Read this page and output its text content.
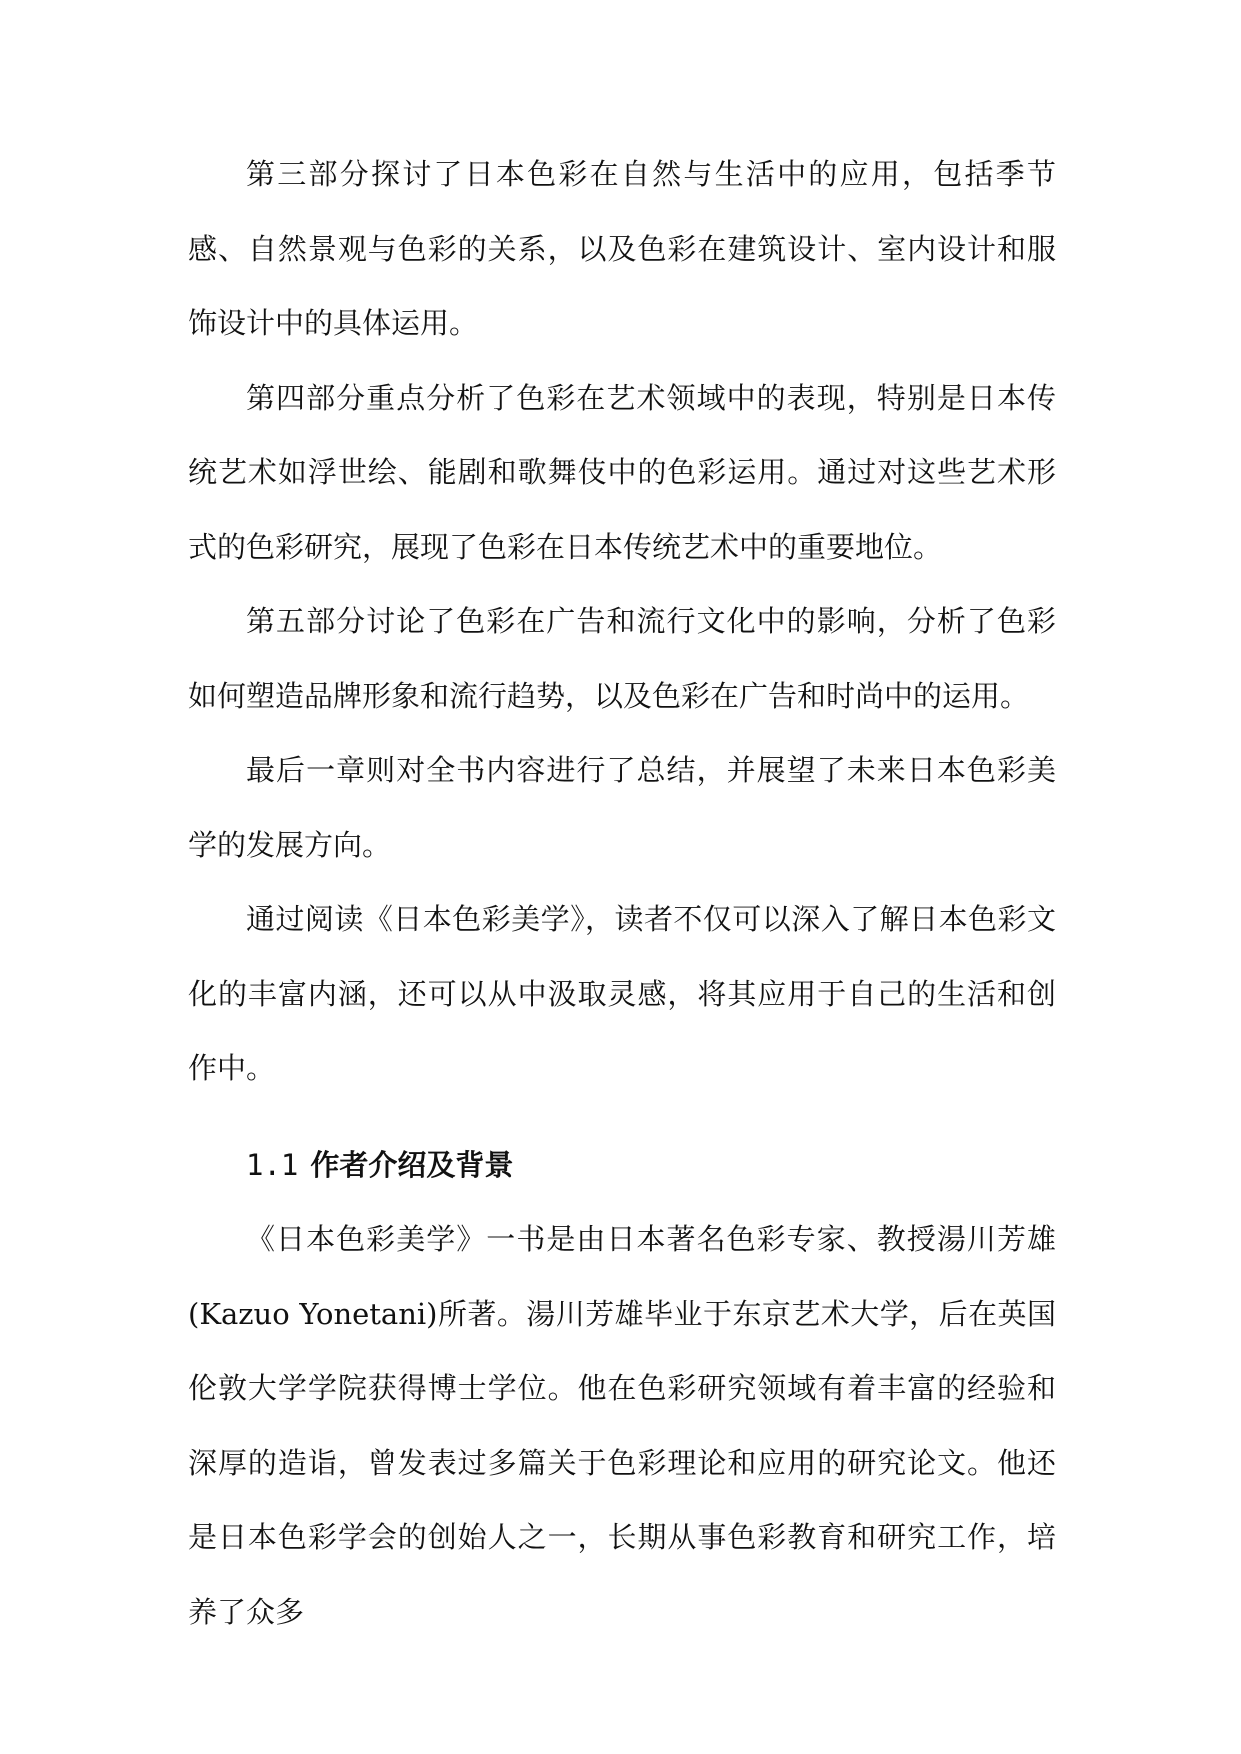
第三部分探讨了日本色彩在自然与生活中的应用，包括季节感、自然景观与色彩的关系，以及色彩在建筑设计、室内设计和服饰设计中的具体运用。

第四部分重点分析了色彩在艺术领域中的表现，特别是日本传统艺术如浮世绘、能剧和歌舞伎中的色彩运用。通过对这些艺术形式的色彩研究，展现了色彩在日本传统艺术中的重要地位。

第五部分讨论了色彩在广告和流行文化中的影响，分析了色彩如何塑造品牌形象和流行趋势，以及色彩在广告和时尚中的运用。

最后一章则对全书内容进行了总结，并展望了未来日本色彩美学的发展方向。

通过阅读《日本色彩美学》，读者不仅可以深入了解日本色彩文化的丰富内涵，还可以从中汲取灵感，将其应用于自己的生活和创作中。

1.1 作者介绍及背景

《日本色彩美学》一书是由日本著名色彩专家、教授湯川芳雄(Kazuo Yonetani)所著。湯川芳雄毕业于东京艺术大学，后在英国伦敦大学学院获得博士学位。他在色彩研究领域有着丰富的经验和深厚的造诣，曾发表过多篇关于色彩理论和应用的研究论文。他还是日本色彩学会的创始人之一，长期从事色彩教育和研究工作，培养了众多
